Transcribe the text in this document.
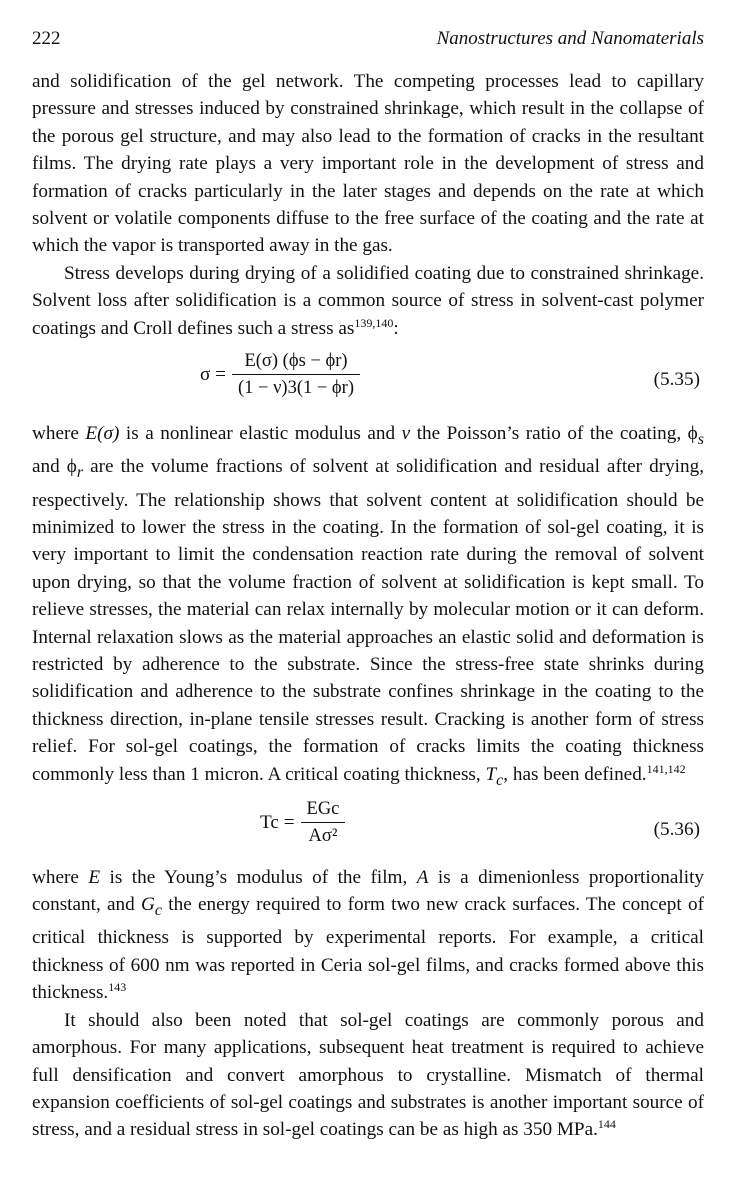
222	Nanostructures and Nanomaterials

and solidification of the gel network. The competing processes lead to capillary pressure and stresses induced by constrained shrinkage, which result in the collapse of the porous gel structure, and may also lead to the formation of cracks in the resultant films. The drying rate plays a very important role in the development of stress and formation of cracks particularly in the later stages and depends on the rate at which solvent or volatile components diffuse to the free surface of the coating and the rate at which the vapor is transported away in the gas.

Stress develops during drying of a solidified coating due to constrained shrinkage. Solvent loss after solidification is a common source of stress in solvent-cast polymer coatings and Croll defines such a stress as$^{139,140}$:

$\sigma = \frac{E(\sigma) (\phi s - \phi r)}{(1 - \nu)3(1 - \phi r)}$	(5.35)

where E(σ) is a nonlinear elastic modulus and ν the Poisson’s ratio of the coating, $\phi_s$ and $\phi_r$ are the volume fractions of solvent at solidification and residual after drying, respectively. The relationship shows that solvent content at solidification should be minimized to lower the stress in the coating. In the formation of sol-gel coating, it is very important to limit the condensation reaction rate during the removal of solvent upon drying, so that the volume fraction of solvent at solidification is kept small. To relieve stresses, the material can relax internally by molecular motion or it can deform. Internal relaxation slows as the material approaches an elastic solid and deformation is restricted by adherence to the substrate. Since the stress-free state shrinks during solidification and adherence to the substrate confines shrinkage in the coating to the thickness direction, in-plane tensile stresses result. Cracking is another form of stress relief. For sol-gel coatings, the formation of cracks limits the coating thickness commonly less than 1 micron. A critical coating thickness, $T_c$, has been defined.$^{141,142}$

$Tc = \frac{\text{EGc}}{\text{Aσ²}}$	(5.36)

where E is the Young’s modulus of the film, A is a dimenionless proportionality constant, and $G_c$ the energy required to form two new crack surfaces. The concept of critical thickness is supported by experimental reports. For example, a critical thickness of 600 nm was reported in Ceria sol-gel films, and cracks formed above this thickness.$^{143}$

It should also been noted that sol-gel coatings are commonly porous and amorphous. For many applications, subsequent heat treatment is required to achieve full densification and convert amorphous to crystalline. Mismatch of thermal expansion coefficients of sol-gel coatings and substrates is another important source of stress, and a residual stress in sol-gel coatings can be as high as 350 MPa.$^{144}$
